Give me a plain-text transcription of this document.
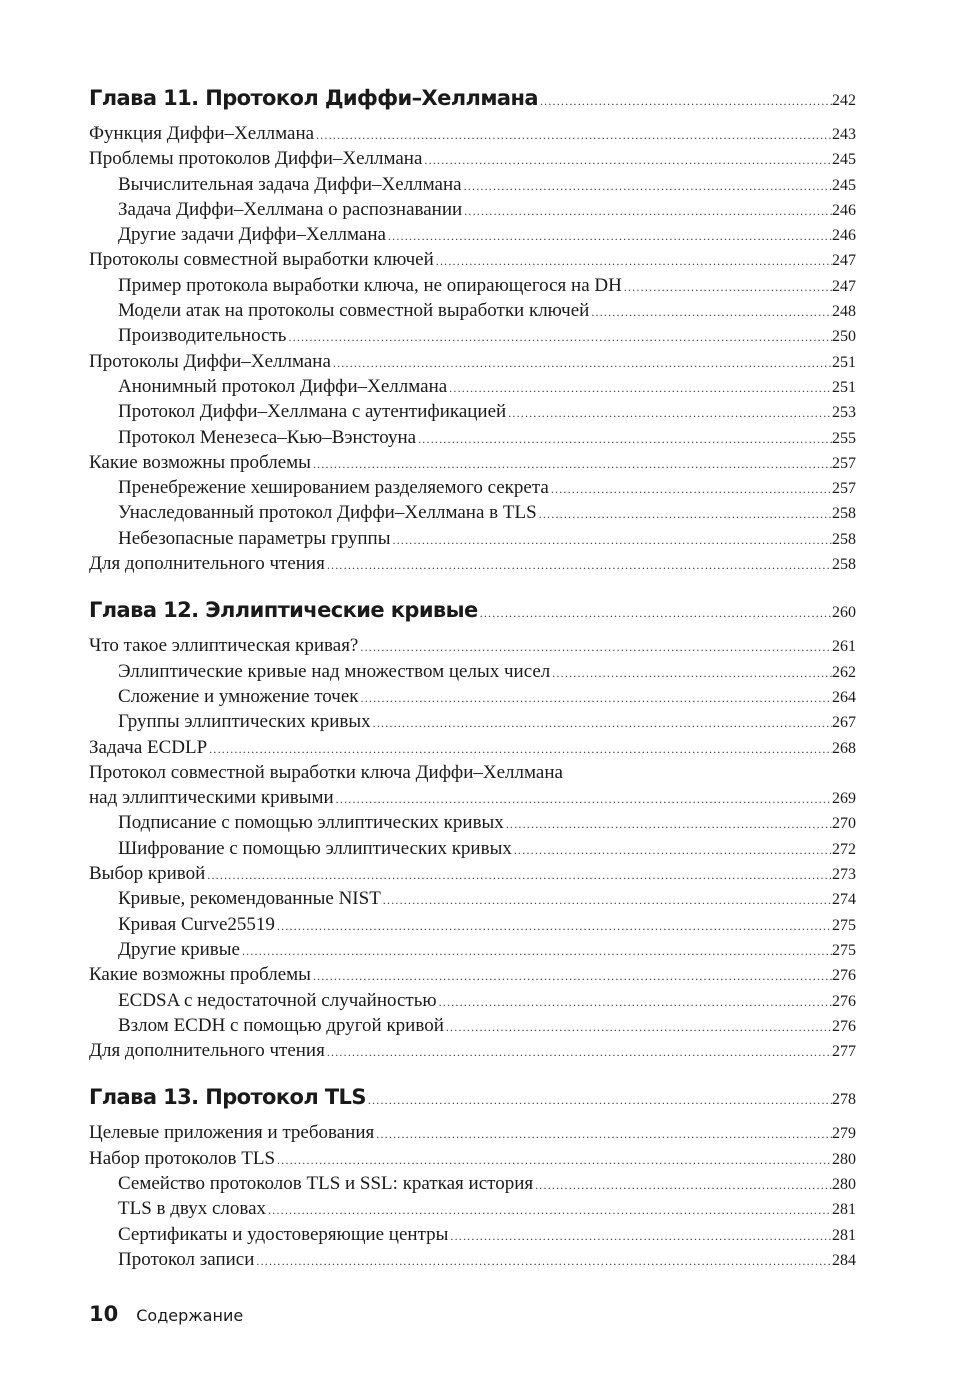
Глава 11. Протокол Диффи–Хеллмана .....	242
Функция Диффи–Хеллмана .....	243
Проблемы протоколов Диффи–Хеллмана .....	245
Вычислительная задача Диффи–Хеллмана .....	245
Задача Диффи–Хеллмана о распознавании .....	246
Другие задачи Диффи–Хеллмана .....	246
Протоколы совместной выработки ключей .....	247
Пример протокола выработки ключа, не опирающегося на DH .....	247
Модели атак на протоколы совместной выработки ключей .....	248
Производительность .....	250
Протоколы Диффи–Хеллмана .....	251
Анонимный протокол Диффи–Хеллмана .....	251
Протокол Диффи–Хеллмана с аутентификацией .....	253
Протокол Менезеса–Кью–Вэнстоуна .....	255
Какие возможны проблемы .....	257
Пренебрежение хешированием разделяемого секрета .....	257
Унаследованный протокол Диффи–Хеллмана в TLS .....	258
Небезопасные параметры группы .....	258
Для дополнительного чтения .....	258
Глава 12. Эллиптические кривые .....	260
Что такое эллиптическая кривая? .....	261
Эллиптические кривые над множеством целых чисел .....	262
Сложение и умножение точек .....	264
Группы эллиптических кривых .....	267
Задача ECDLP .....	268
Протокол совместной выработки ключа Диффи–Хеллмана
над эллиптическими кривыми .....	269
Подписание с помощью эллиптических кривых .....	270
Шифрование с помощью эллиптических кривых .....	272
Выбор кривой .....	273
Кривые, рекомендованные NIST .....	274
Кривая Curve25519 .....	275
Другие кривые .....	275
Какие возможны проблемы .....	276
ECDSA с недостаточной случайностью .....	276
Взлом ECDH с помощью другой кривой .....	276
Для дополнительного чтения .....	277
Глава 13. Протокол TLS .....	278
Целевые приложения и требования .....	279
Набор протоколов TLS .....	280
Семейство протоколов TLS и SSL: краткая история .....	280
TLS в двух словах .....	281
Сертификаты и удостоверяющие центры .....	281
Протокол записи .....	284
10 Содержание
